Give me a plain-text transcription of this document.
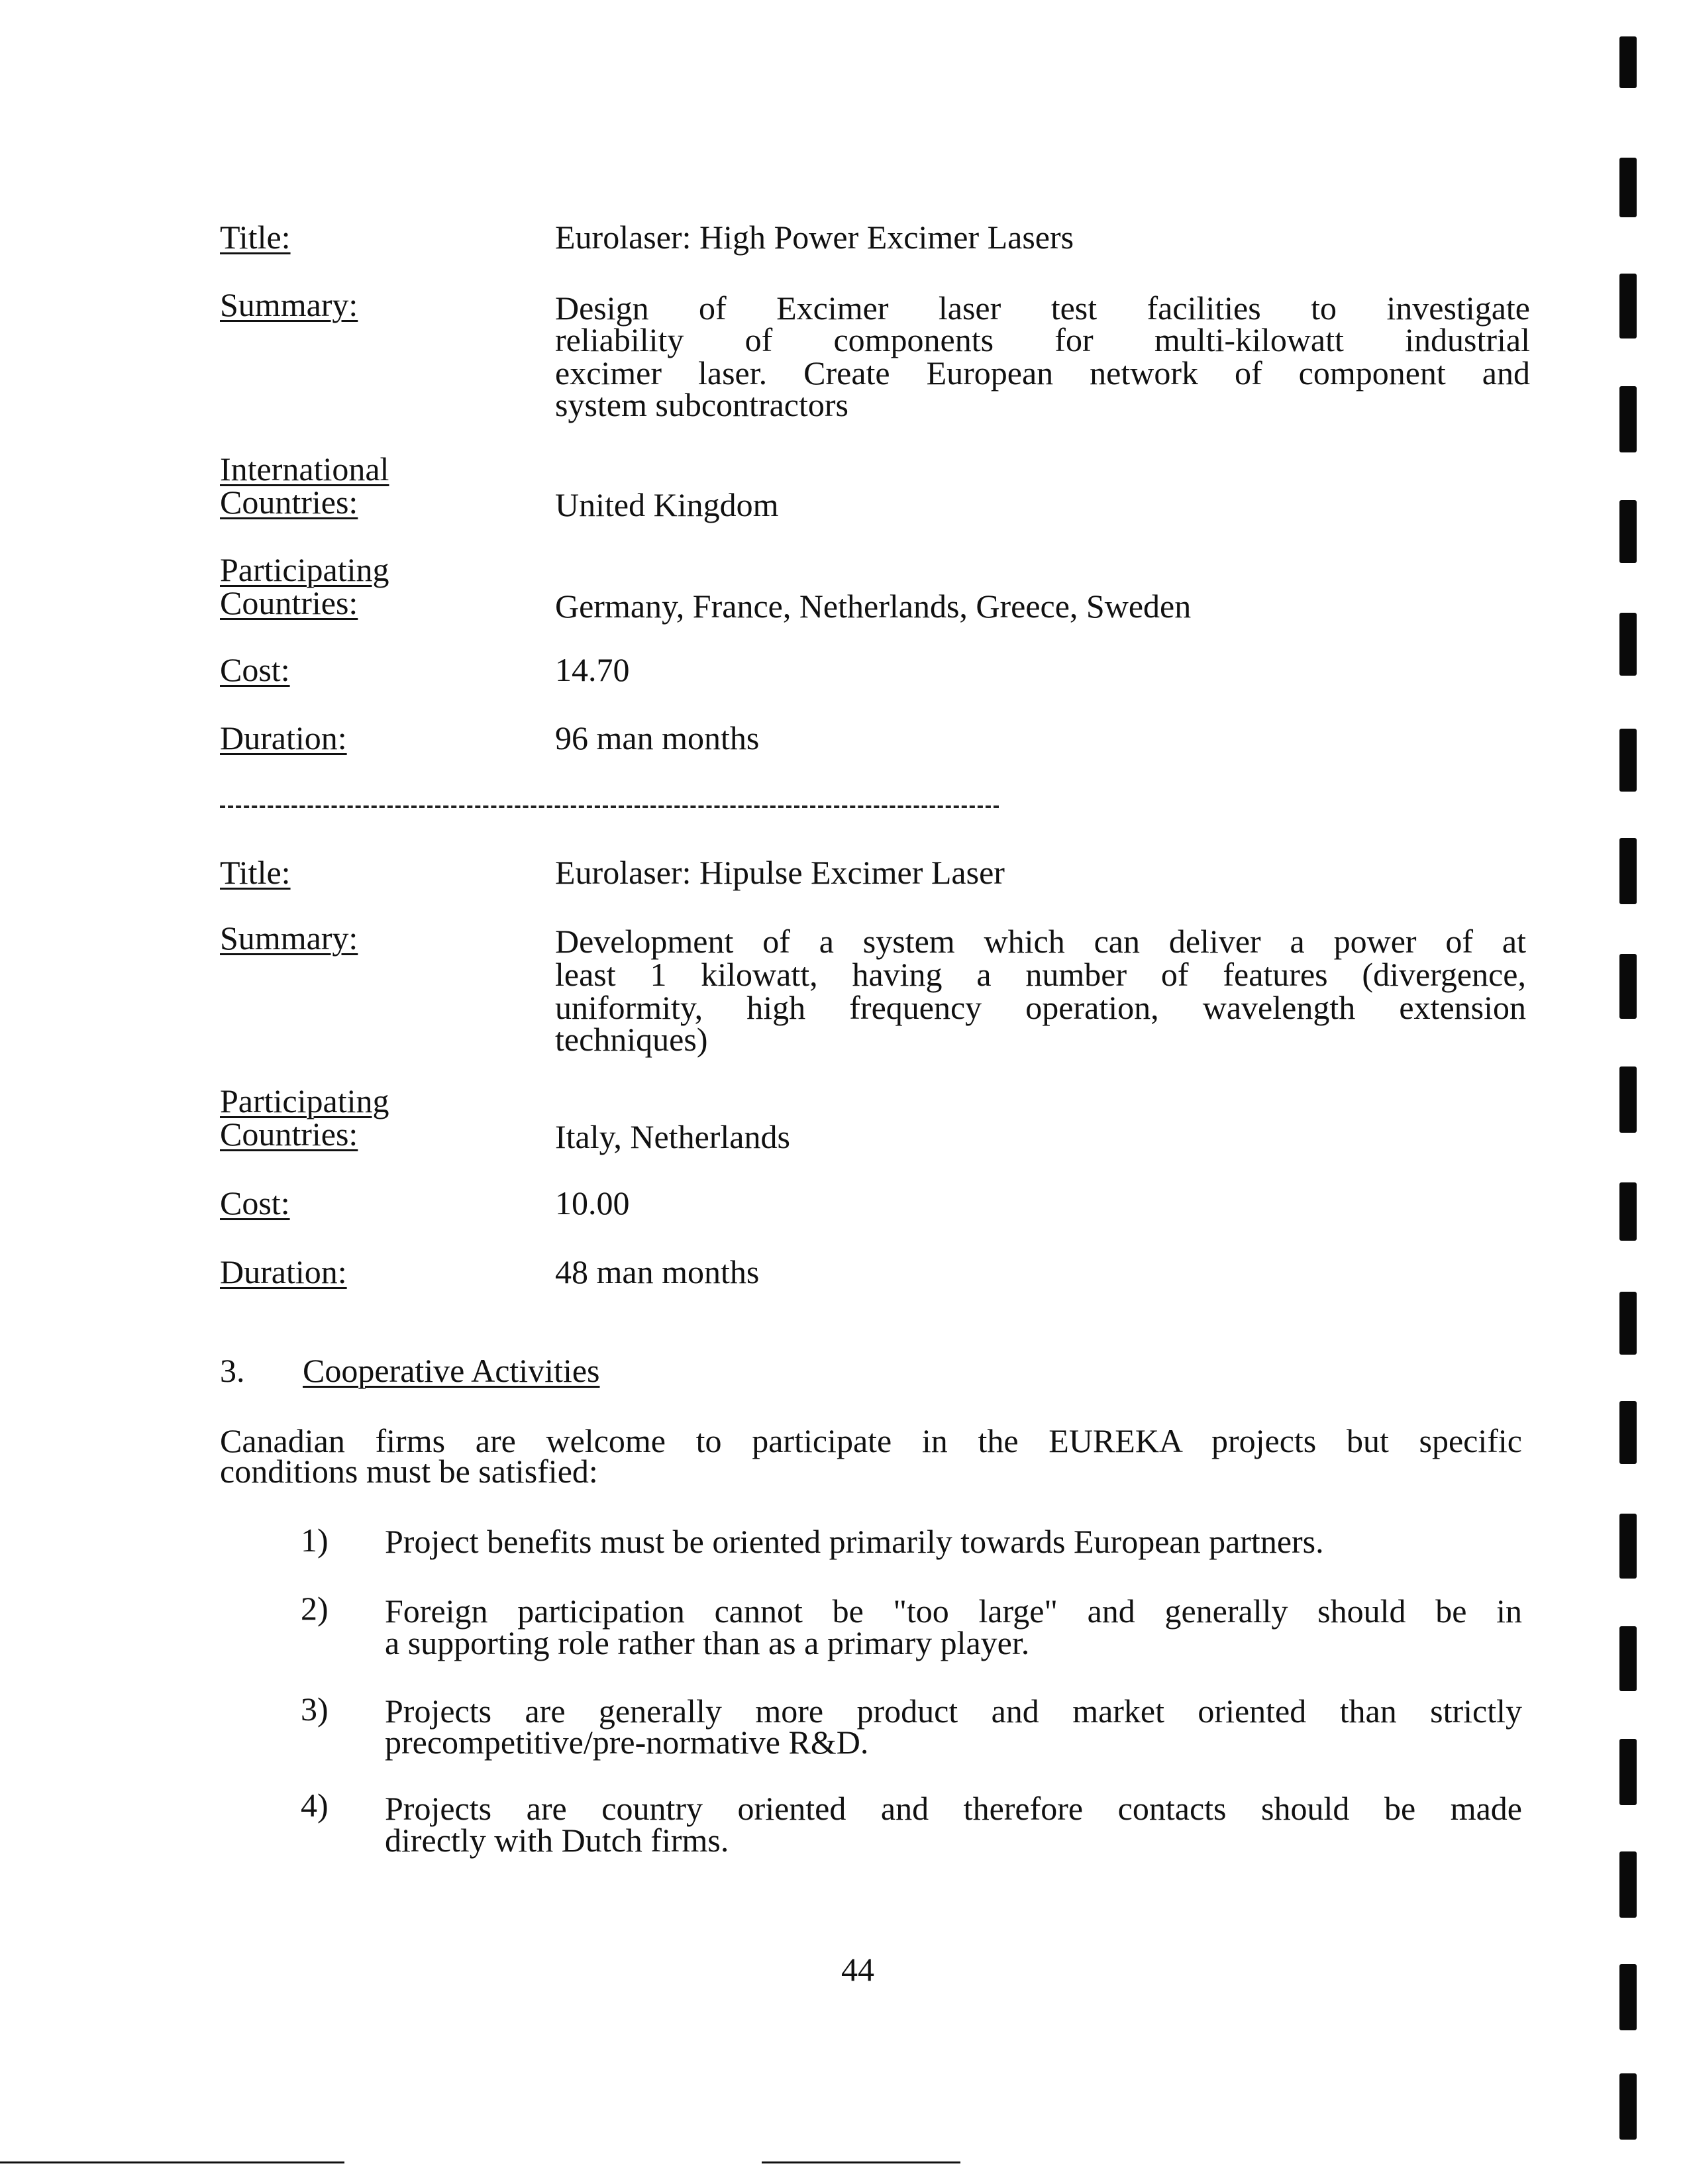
Title:	Eurolaser: High Power Excimer Lasers
Summary:	Design of Excimer laser test facilities to investigate
reliability of components for multi-kilowatt industrial
excimer laser. Create European network of component and
system subcontractors
International
Countries:	United Kingdom
Participating
Countries:	Germany, France, Netherlands, Greece, Sweden
Cost:	14.70
Duration:	96 man months
Title:	Eurolaser: Hipulse Excimer Laser
Summary:	Development of a system which can deliver a power of at
least 1 kilowatt, having a number of features (divergence,
uniformity, high frequency operation, wavelength extension
techniques)
Participating
Countries:	Italy, Netherlands
Cost:	10.00
Duration:	48 man months
3. Cooperative Activities
Canadian firms are welcome to participate in the EUREKA projects but specific
conditions must be satisfied:
1) Project benefits must be oriented primarily towards European partners.
2) Foreign participation cannot be "too large" and generally should be in
a supporting role rather than as a primary player.
3) Projects are generally more product and market oriented than strictly
precompetitive/pre-normative R&D.
4) Projects are country oriented and therefore contacts should be made
directly with Dutch firms.
44
